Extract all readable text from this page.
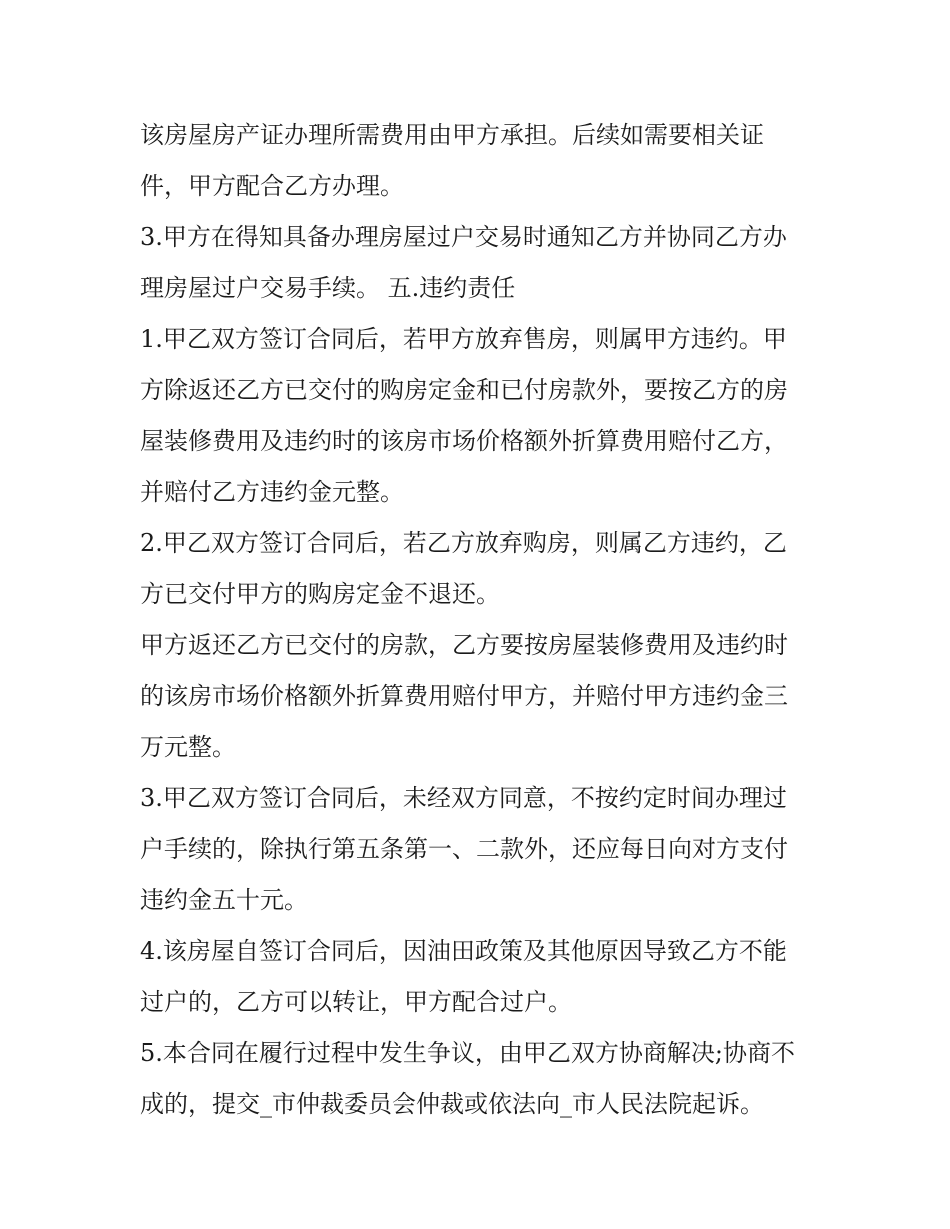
该房屋房产证办理所需费用由甲方承担。后续如需要相关证
件，甲方配合乙方办理。
3.甲方在得知具备办理房屋过户交易时通知乙方并协同乙方办
理房屋过户交易手续。 五.违约责任
1.甲乙双方签订合同后，若甲方放弃售房，则属甲方违约。甲
方除返还乙方已交付的购房定金和已付房款外，要按乙方的房
屋装修费用及违约时的该房市场价格额外折算费用赔付乙方，
并赔付乙方违约金元整。
2.甲乙双方签订合同后，若乙方放弃购房，则属乙方违约，乙
方已交付甲方的购房定金不退还。
甲方返还乙方已交付的房款，乙方要按房屋装修费用及违约时
的该房市场价格额外折算费用赔付甲方，并赔付甲方违约金三
万元整。
3.甲乙双方签订合同后，未经双方同意，不按约定时间办理过
户手续的，除执行第五条第一、二款外，还应每日向对方支付
违约金五十元。
4.该房屋自签订合同后，因油田政策及其他原因导致乙方不能
过户的，乙方可以转让，甲方配合过户。
5.本合同在履行过程中发生争议，由甲乙双方协商解决;协商不
成的，提交_市仲裁委员会仲裁或依法向_市人民法院起诉。
